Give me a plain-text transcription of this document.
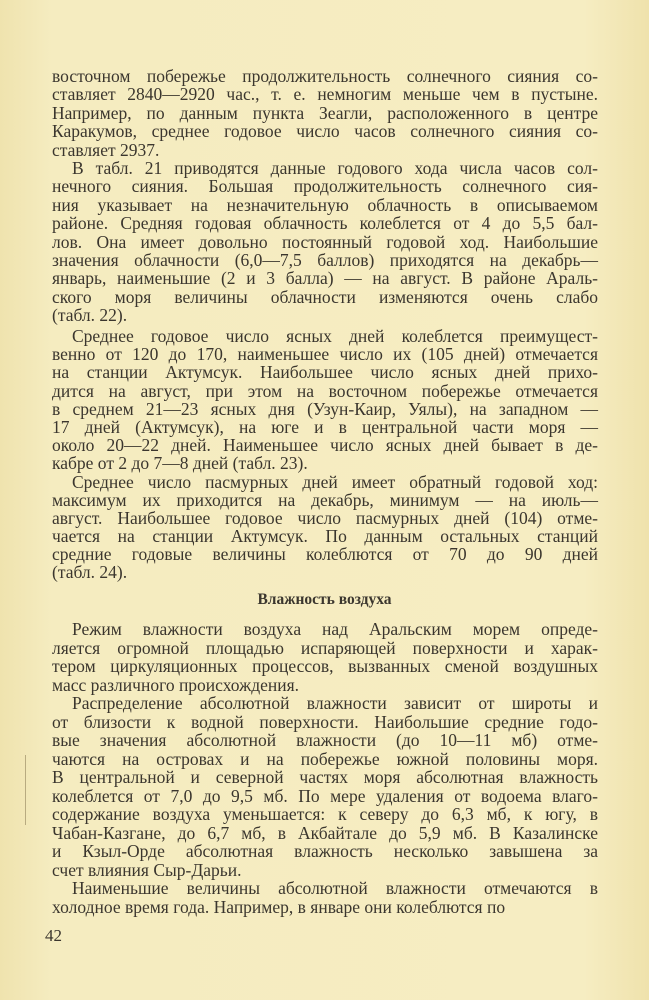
восточном побережье продолжительность солнечного сияния со-
ставляет 2840—2920 час., т. е. немногим меньше чем в пустыне.
Например, по данным пункта Зеагли, расположенного в центре
Каракумов, среднее годовое число часов солнечного сияния со-
ставляет 2937.
В табл. 21 приводятся данные годового хода числа часов сол-
нечного сияния. Большая продолжительность солнечного сия-
ния указывает на незначительную облачность в описываемом
районе. Средняя годовая облачность колеблется от 4 до 5,5 бал-
лов. Она имеет довольно постоянный годовой ход. Наибольшие
значения облачности (6,0—7,5 баллов) приходятся на декабрь—
январь, наименьшие (2 и 3 балла) — на август. В районе Араль-
ского моря величины облачности изменяются очень слабо
(табл. 22).
Среднее годовое число ясных дней колеблется преимущест-
венно от 120 до 170, наименьшее число их (105 дней) отмечается
на станции Актумсук. Наибольшее число ясных дней прихо-
дится на август, при этом на восточном побережье отмечается
в среднем 21—23 ясных дня (Узун-Каир, Уялы), на западном —
17 дней (Актумсук), на юге и в центральной части моря —
около 20—22 дней. Наименьшее число ясных дней бывает в де-
кабре от 2 до 7—8 дней (табл. 23).
Среднее число пасмурных дней имеет обратный годовой ход:
максимум их приходится на декабрь, минимум — на июль—
август. Наибольшее годовое число пасмурных дней (104) отме-
чается на станции Актумсук. По данным остальных станций
средние годовые величины колеблются от 70 до 90 дней
(табл. 24).
Влажность воздуха
Режим влажности воздуха над Аральским морем опреде-
ляется огромной площадью испаряющей поверхности и харак-
тером циркуляционных процессов, вызванных сменой воздушных
масс различного происхождения.
Распределение абсолютной влажности зависит от широты и
от близости к водной поверхности. Наибольшие средние годо-
вые значения абсолютной влажности (до 10—11 мб) отме-
чаются на островах и на побережье южной половины моря.
В центральной и северной частях моря абсолютная влажность
колеблется от 7,0 до 9,5 мб. По мере удаления от водоема влаго-
содержание воздуха уменьшается: к северу до 6,3 мб, к югу, в
Чабан-Казгане, до 6,7 мб, в Акбайтале до 5,9 мб. В Казалинске
и Кзыл-Орде абсолютная влажность несколько завышена за
счет влияния Сыр-Дарьи.
Наименьшие величины абсолютной влажности отмечаются в
холодное время года. Например, в январе они колеблются по
42
